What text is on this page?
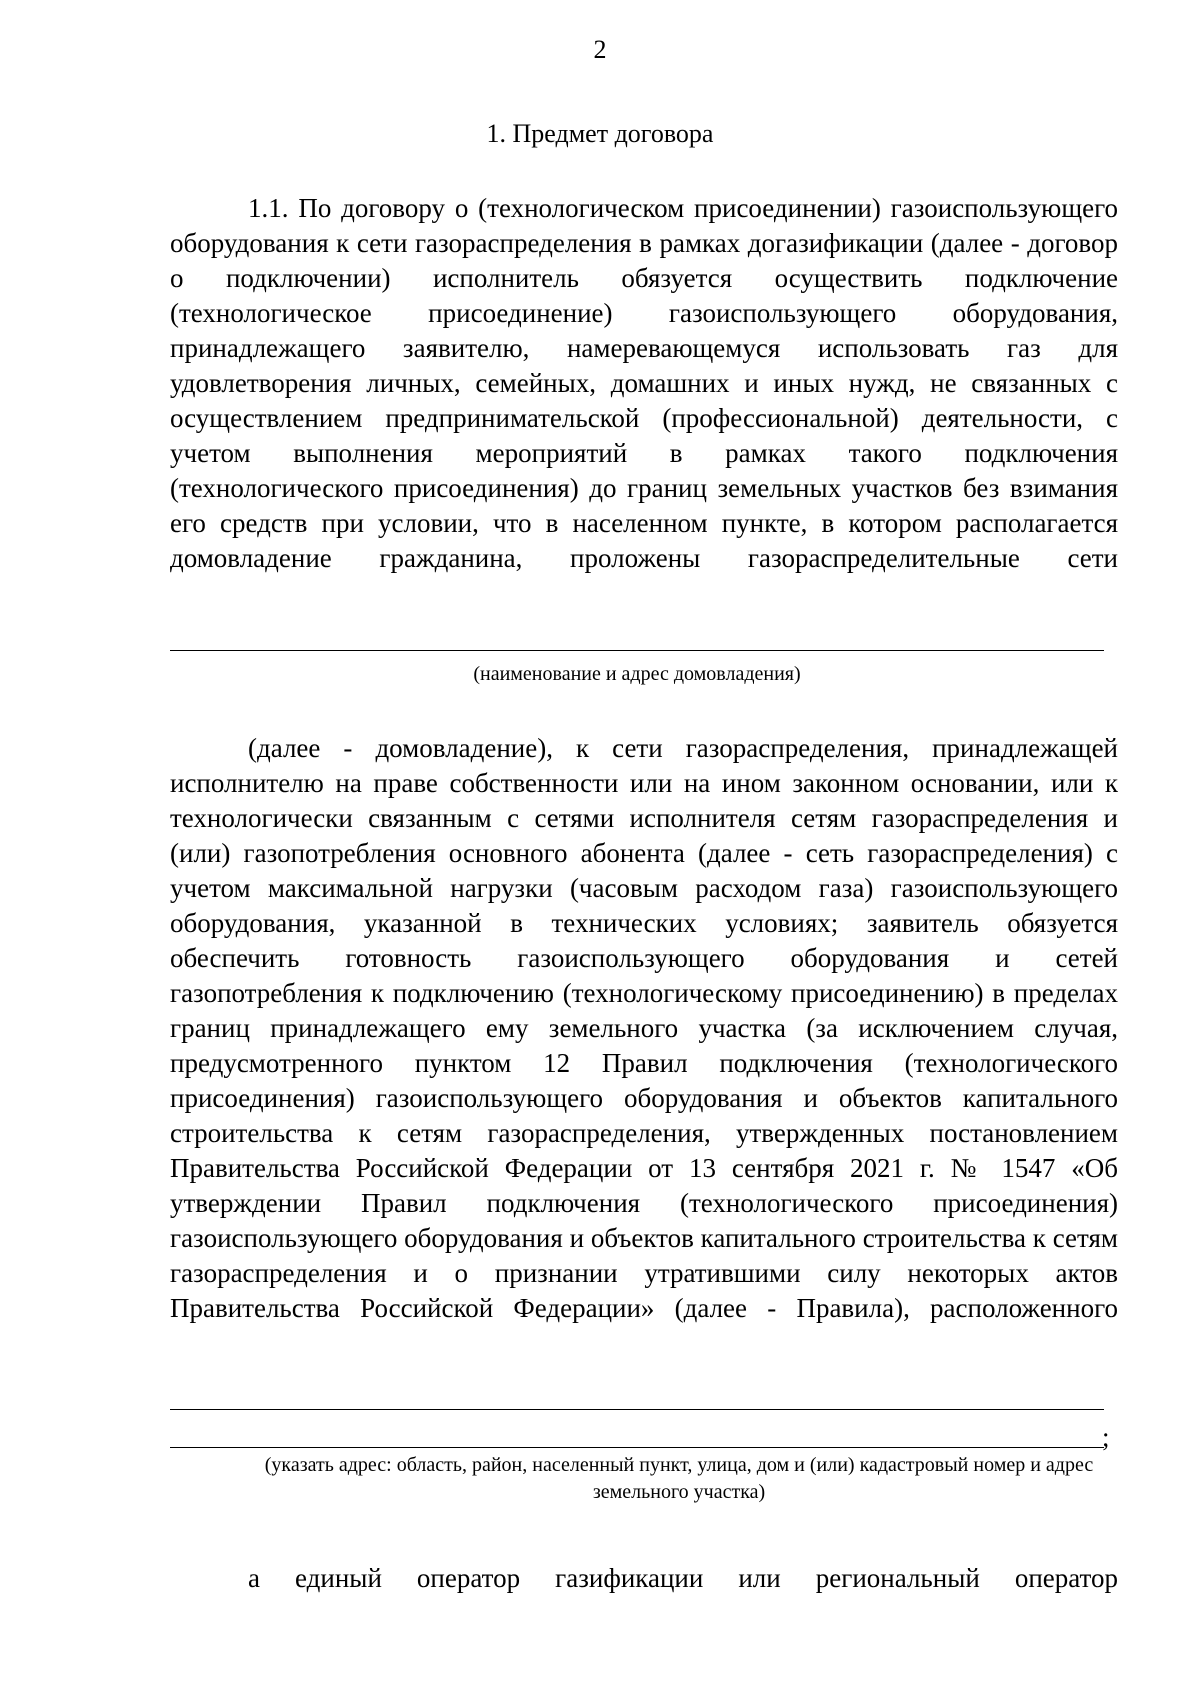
2
1. Предмет договора

1.1. По договору о (технологическом присоединении) газоиспользующего оборудования к сети газораспределения в рамках догазификации (далее - договор о подключении) исполнитель обязуется осуществить подключение (технологическое присоединение) газоиспользующего оборудования, принадлежащего заявителю, намеревающемуся использовать газ для удовлетворения личных, семейных, домашних и иных нужд, не связанных с осуществлением предпринимательской (профессиональной) деятельности, с учетом выполнения мероприятий в рамках такого подключения (технологического присоединения) до границ земельных участков без взимания его средств при условии, что в населенном пункте, в котором располагается домовладение гражданина, проложены газораспределительные сети

(наименование и адрес домовладения)

(далее - домовладение), к сети газораспределения, принадлежащей исполнителю на праве собственности или на ином законном основании, или к технологически связанным с сетями исполнителя сетям газораспределения и (или) газопотребления основного абонента (далее - сеть газораспределения) с учетом максимальной нагрузки (часовым расходом газа) газоиспользующего оборудования, указанной в технических условиях; заявитель обязуется обеспечить готовность газоиспользующего оборудования и сетей газопотребления к подключению (технологическому присоединению) в пределах границ принадлежащего ему земельного участка (за исключением случая, предусмотренного пунктом 12 Правил подключения (технологического присоединения) газоиспользующего оборудования и объектов капитального строительства к сетям газораспределения, утвержденных постановлением Правительства Российской Федерации от 13 сентября 2021 г. № 1547 «Об утверждении Правил подключения (технологического присоединения) газоиспользующего оборудования и объектов капитального строительства к сетям газораспределения и о признании утратившими силу некоторых актов Правительства Российской Федерации» (далее - Правила), расположенного

;
(указать адрес: область, район, населенный пункт, улица, дом и (или) кадастровый номер и адрес земельного участка)

а единый оператор газификации или региональный оператор
